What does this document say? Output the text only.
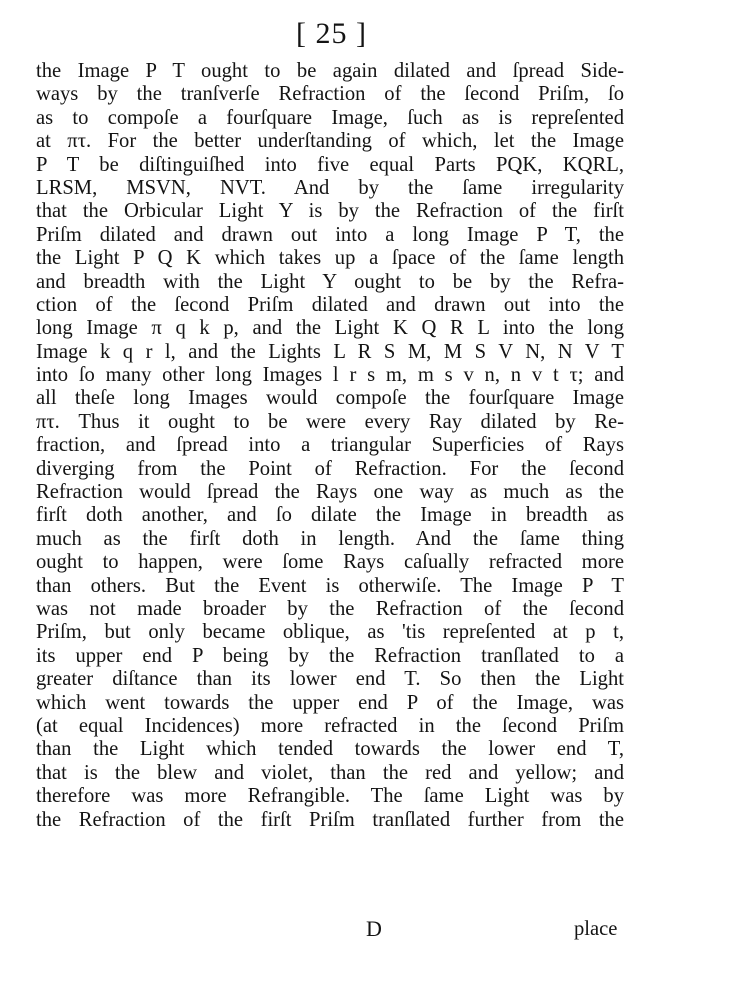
[ 25 ]
the Image P T ought to be again dilated and ſpread Side-
ways by the tranſverſe Refraction of the ſecond Priſm, ſo
as to compoſe a fourſquare Image, ſuch as is repreſented
at πτ. For the better underſtanding of which, let the Image
P T be diſtinguiſhed into five equal Parts PQK, KQRL,
LRSM, MSVN, NVT. And by the ſame irregularity
that the Orbicular Light Y is by the Refraction of the firſt
Priſm dilated and drawn out into a long Image P T, the
the Light P Q K which takes up a ſpace of the ſame length
and breadth with the Light Y ought to be by the Refra-
ction of the ſecond Priſm dilated and drawn out into the
long Image π q k p, and the Light K Q R L into the long
Image k q r l, and the Lights L R S M, M S V N, N V T
into ſo many other long Images l r s m, m s v n, n v t τ; and
all theſe long Images would compoſe the fourſquare Image
πτ. Thus it ought to be were every Ray dilated by Re-
fraction, and ſpread into a triangular Superficies of Rays
diverging from the Point of Refraction. For the ſecond
Refraction would ſpread the Rays one way as much as the
firſt doth another, and ſo dilate the Image in breadth as
much as the firſt doth in length. And the ſame thing
ought to happen, were ſome Rays caſually refracted more
than others. But the Event is otherwiſe. The Image P T
was not made broader by the Refraction of the ſecond
Priſm, but only became oblique, as 'tis repreſented at p t,
its upper end P being by the Refraction tranſlated to a
greater diſtance than its lower end T. So then the Light
which went towards the upper end P of the Image, was
(at equal Incidences) more refracted in the ſecond Priſm
than the Light which tended towards the lower end T,
that is the blew and violet, than the red and yellow; and
therefore was more Refrangible. The ſame Light was by
the Refraction of the firſt Priſm tranſlated further from the
D	place
